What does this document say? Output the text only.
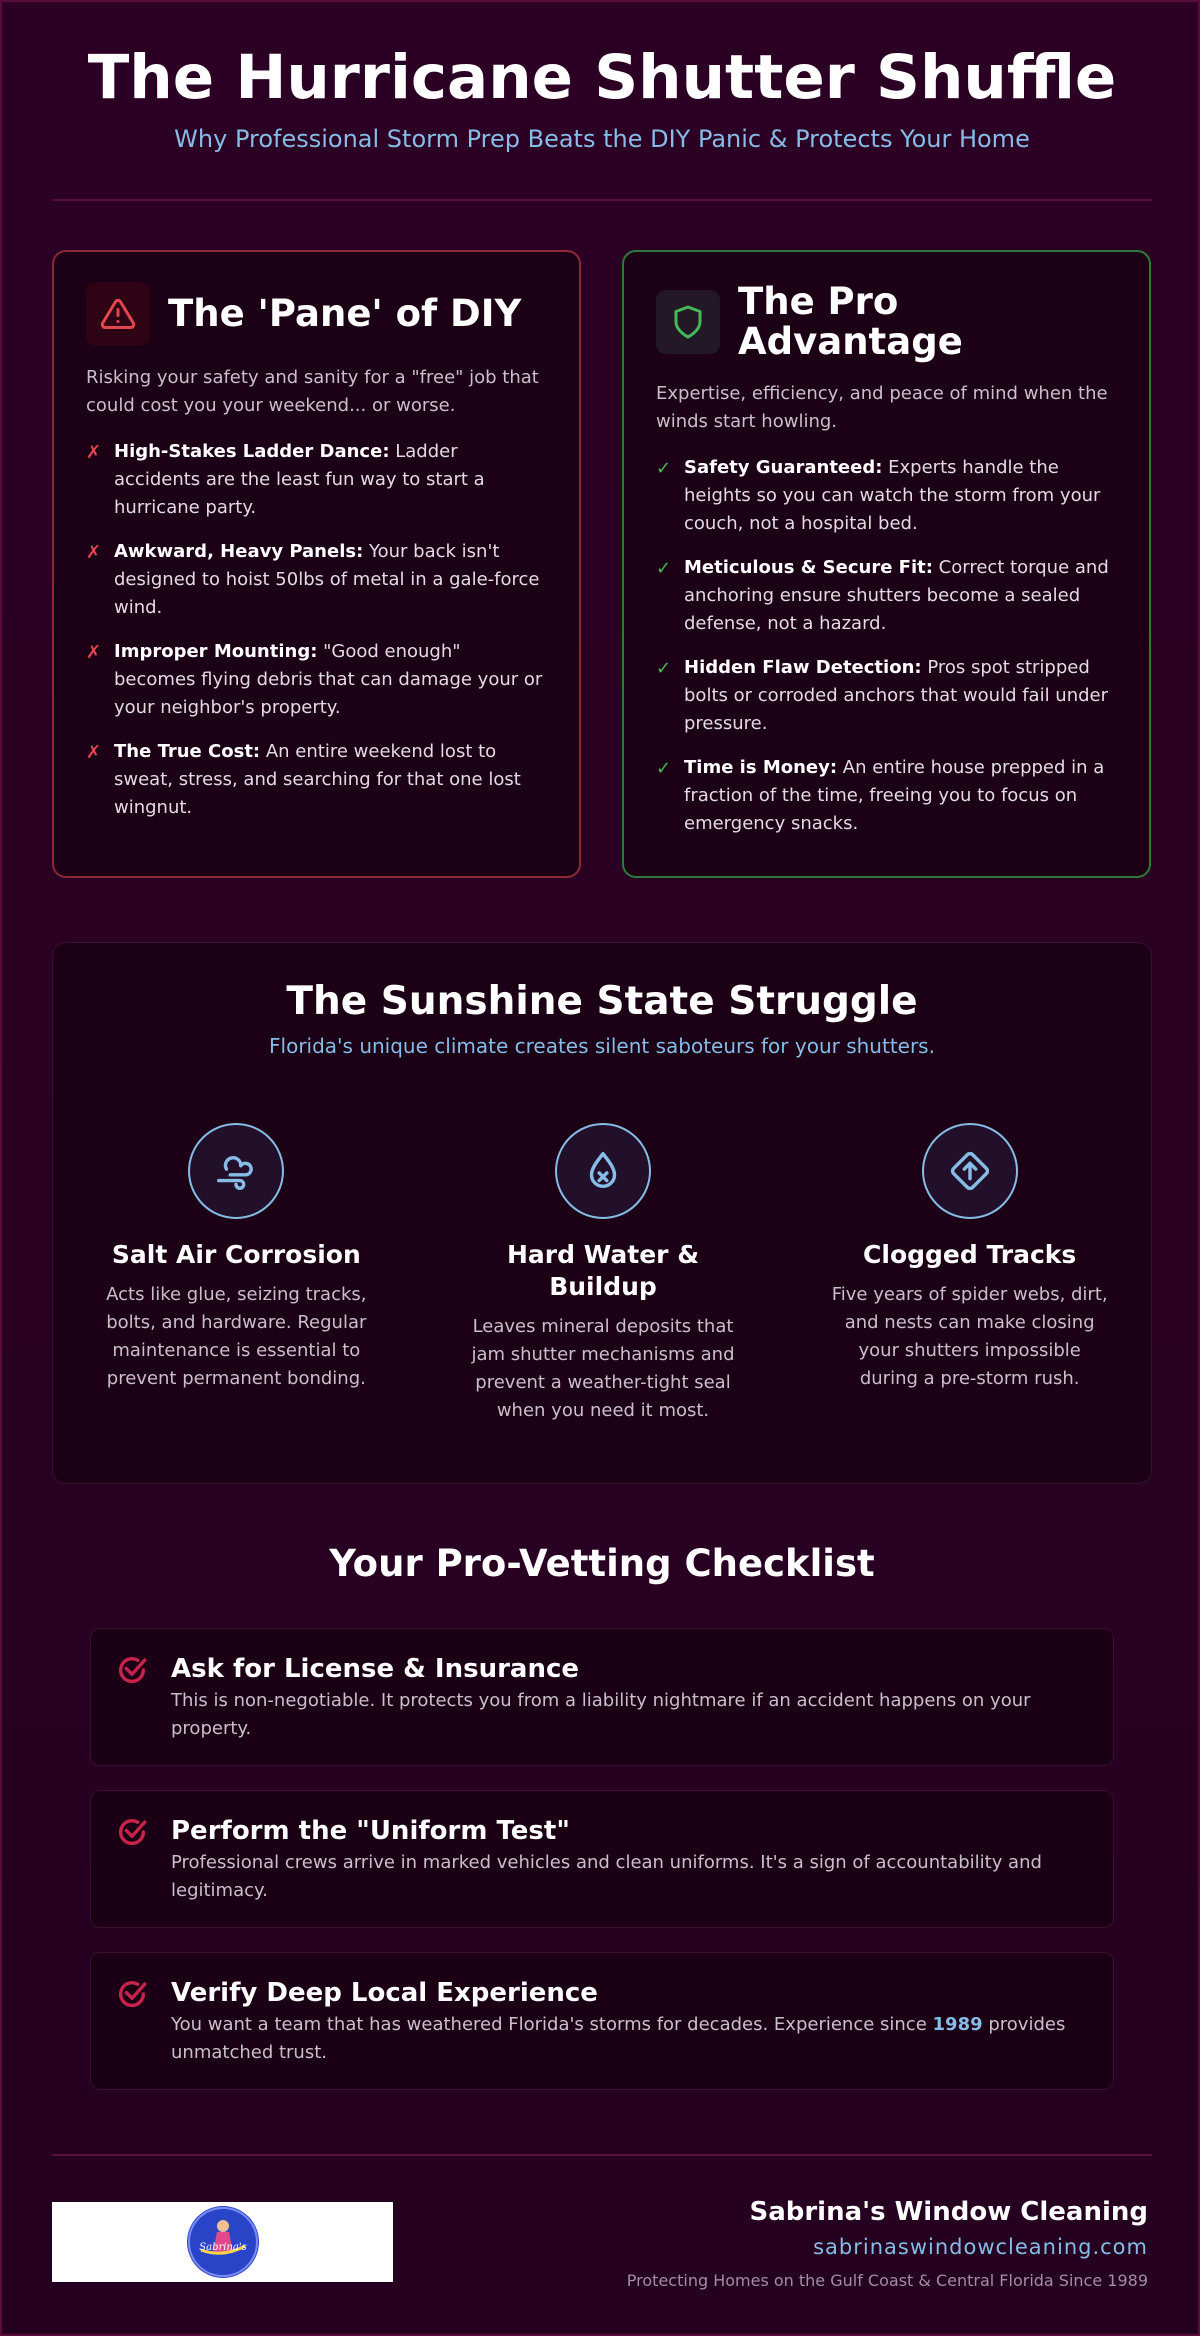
The Hurricane Shutter Shuffle
Why Professional Storm Prep Beats the DIY Panic & Protects Your Home
The 'Pane' of DIY

Risking your safety and sanity for a "free" job that could cost you your weekend... or worse.

✗ High-Stakes Ladder Dance: Ladder accidents are the least fun way to start a hurricane party.
✗ Awkward, Heavy Panels: Your back isn't designed to hoist 50lbs of metal in a gale-force wind.
✗ Improper Mounting: "Good enough" becomes flying debris that can damage your or your neighbor's property.
✗ The True Cost: An entire weekend lost to sweat, stress, and searching for that one lost wingnut.
The Pro Advantage

Expertise, efficiency, and peace of mind when the winds start howling.

✓ Safety Guaranteed: Experts handle the heights so you can watch the storm from your couch, not a hospital bed.
✓ Meticulous & Secure Fit: Correct torque and anchoring ensure shutters become a sealed defense, not a hazard.
✓ Hidden Flaw Detection: Pros spot stripped bolts or corroded anchors that would fail under pressure.
✓ Time is Money: An entire house prepped in a fraction of the time, freeing you to focus on emergency snacks.
The Sunshine State Struggle
Florida's unique climate creates silent saboteurs for your shutters.
Salt Air Corrosion
Acts like glue, seizing tracks, bolts, and hardware. Regular maintenance is essential to prevent permanent bonding.
Hard Water & Buildup
Leaves mineral deposits that jam shutter mechanisms and prevent a weather-tight seal when you need it most.
Clogged Tracks
Five years of spider webs, dirt, and nests can make closing your shutters impossible during a pre-storm rush.
Your Pro-Vetting Checklist
Ask for License & Insurance
This is non-negotiable. It protects you from a liability nightmare if an accident happens on your property.
Perform the "Uniform Test"
Professional crews arrive in marked vehicles and clean uniforms. It's a sign of accountability and legitimacy.
Verify Deep Local Experience
You want a team that has weathered Florida's storms for decades. Experience since 1989 provides unmatched trust.
Sabrina's
Sabrina's Window Cleaning
sabrinaswindowcleaning.com
Protecting Homes on the Gulf Coast & Central Florida Since 1989
